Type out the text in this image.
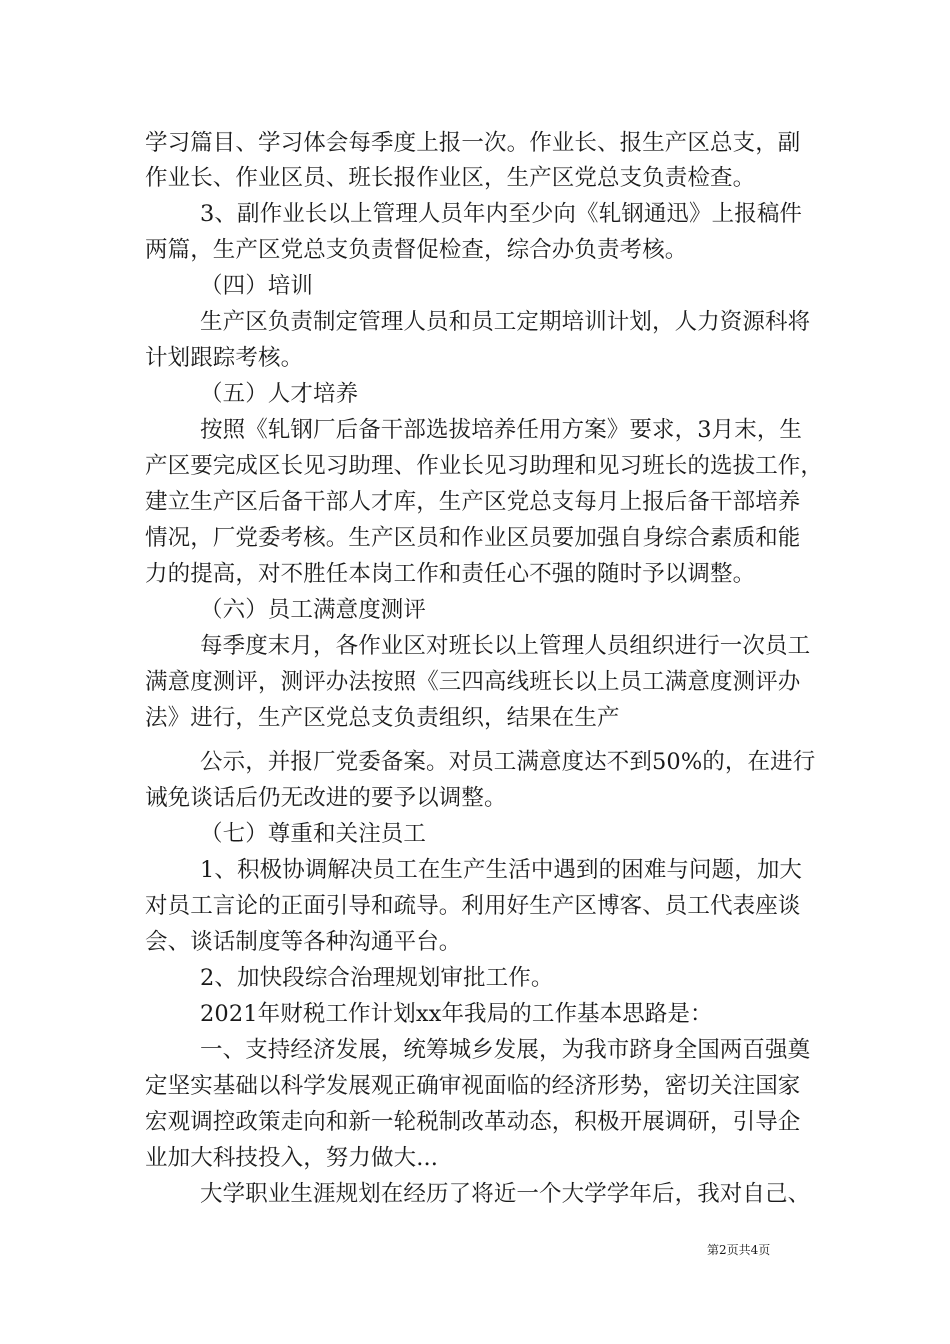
学习篇目、学习体会每季度上报一次。作业长、报生产区总支，副
作业长、作业区员、班长报作业区，生产区党总支负责检查。
3、副作业长以上管理人员年内至少向《轧钢通迅》上报稿件
两篇，生产区党总支负责督促检查，综合办负责考核。
（四）培训
生产区负责制定管理人员和员工定期培训计划，人力资源科将
计划跟踪考核。
（五）人才培养
按照《轧钢厂后备干部选拔培养任用方案》要求，3月末，生
产区要完成区长见习助理、作业长见习助理和见习班长的选拔工作，
建立生产区后备干部人才库，生产区党总支每月上报后备干部培养
情况，厂党委考核。生产区员和作业区员要加强自身综合素质和能
力的提高，对不胜任本岗工作和责任心不强的随时予以调整。
（六）员工满意度测评
每季度末月，各作业区对班长以上管理人员组织进行一次员工
满意度测评，测评办法按照《三四高线班长以上员工满意度测评办
法》进行，生产区党总支负责组织，结果在生产
公示，并报厂党委备案。对员工满意度达不到50%的，在进行
诫免谈话后仍无改进的要予以调整。
（七）尊重和关注员工
1、积极协调解决员工在生产生活中遇到的困难与问题，加大
对员工言论的正面引导和疏导。利用好生产区博客、员工代表座谈
会、谈话制度等各种沟通平台。
2、加快段综合治理规划审批工作。
2021年财税工作计划xx年我局的工作基本思路是：
一、支持经济发展，统筹城乡发展，为我市跻身全国两百强奠
定坚实基础以科学发展观正确审视面临的经济形势，密切关注国家
宏观调控政策走向和新一轮税制改革动态，积极开展调研，引导企
业加大科技投入，努力做大...
大学职业生涯规划在经历了将近一个大学学年后，我对自己、
第2页共4页
